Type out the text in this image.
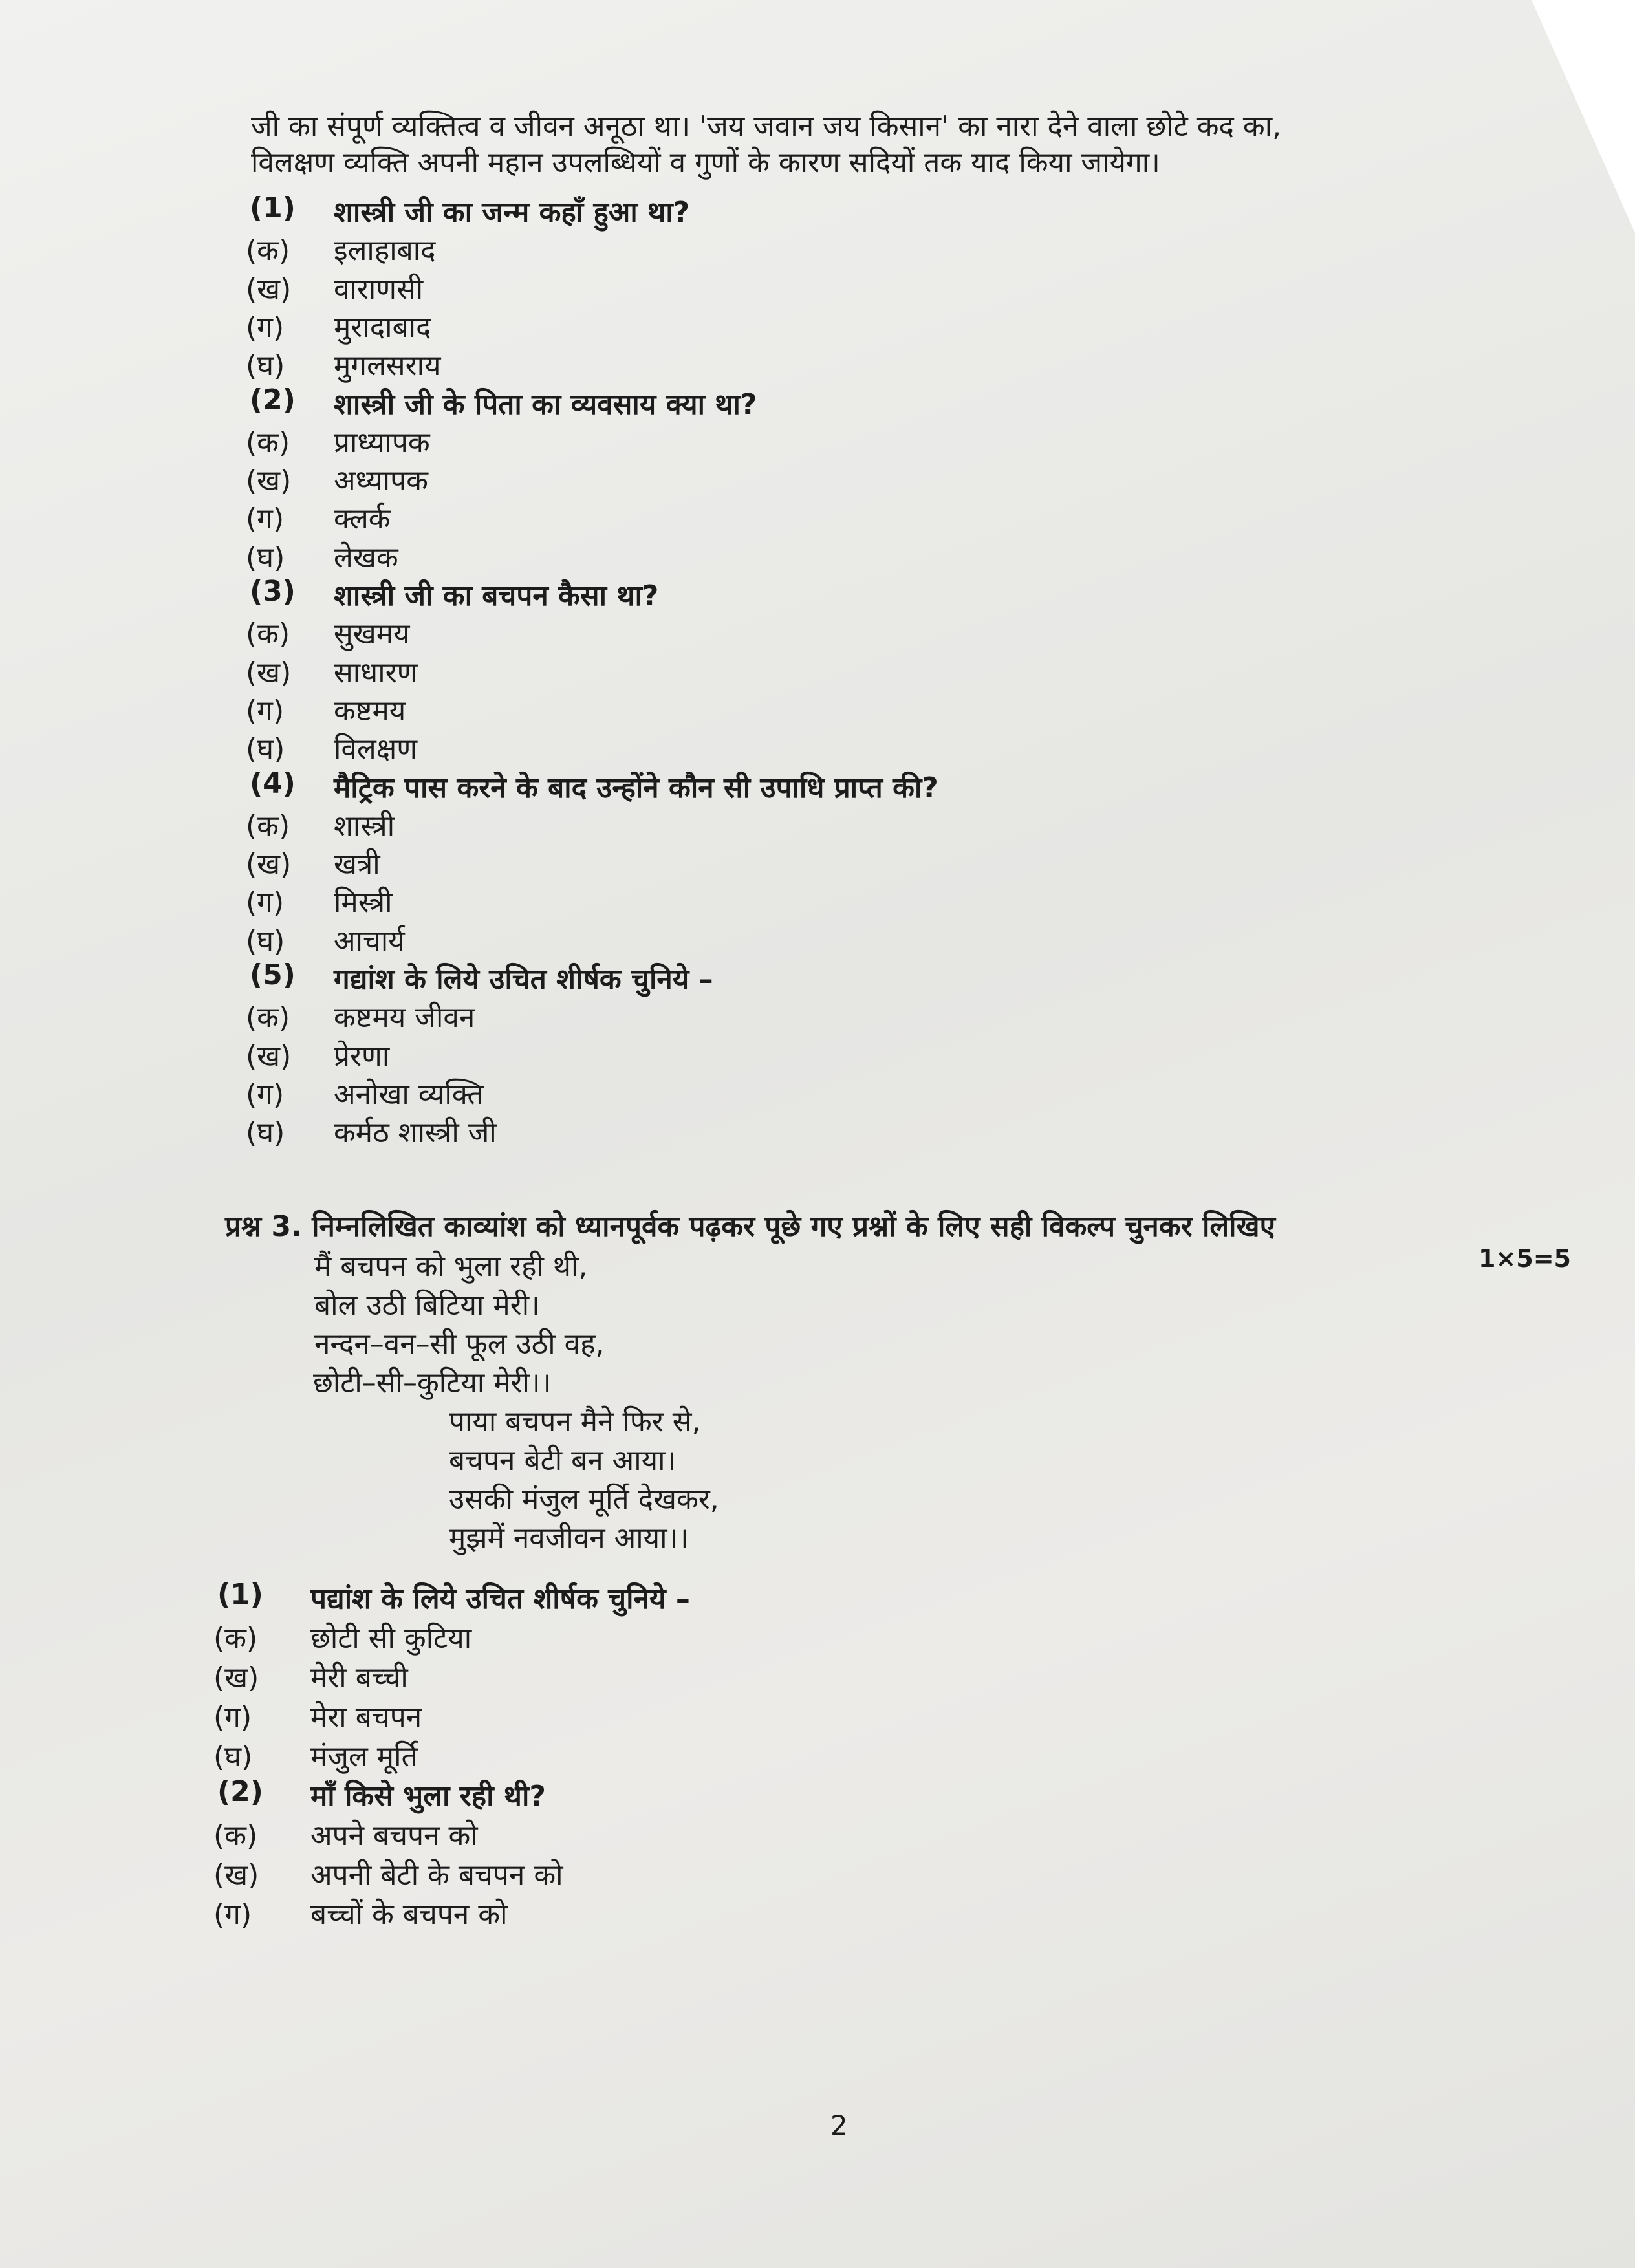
जी का संपूर्ण व्यक्तित्व व जीवन अनूठा था। 'जय जवान जय किसान' का नारा देने वाला छोटे कद का,
विलक्षण व्यक्ति अपनी महान उपलब्धियों व गुणों के कारण सदियों तक याद किया जायेगा।
(1) शास्त्री जी का जन्म कहाँ हुआ था?
(क) इलाहाबाद
(ख) वाराणसी
(ग) मुरादाबाद
(घ) मुगलसराय
(2) शास्त्री जी के पिता का व्यवसाय क्या था?
(क) प्राध्यापक
(ख) अध्यापक
(ग) क्लर्क
(घ) लेखक
(3) शास्त्री जी का बचपन कैसा था?
(क) सुखमय
(ख) साधारण
(ग) कष्टमय
(घ) विलक्षण
(4) मैट्रिक पास करने के बाद उन्होंने कौन सी उपाधि प्राप्त की?
(क) शास्त्री
(ख) खत्री
(ग) मिस्त्री
(घ) आचार्य
(5) गद्यांश के लिये उचित शीर्षक चुनिये –
(क) कष्टमय जीवन
(ख) प्रेरणा
(ग) अनोखा व्यक्ति
(घ) कर्मठ शास्त्री जी
प्रश्न 3. निम्नलिखित काव्यांश को ध्यानपूर्वक पढ़कर पूछे गए प्रश्नों के लिए सही विकल्प चुनकर लिखिए
1×5=5
मैं बचपन को भुला रही थी,
बोल उठी बिटिया मेरी।
नन्दन–वन–सी फूल उठी वह,
छोटी–सी–कुटिया मेरी।।
पाया बचपन मैने फिर से,
बचपन बेटी बन आया।
उसकी मंजुल मूर्ति देखकर,
मुझमें नवजीवन आया।।
(1) पद्यांश के लिये उचित शीर्षक चुनिये –
(क) छोटी सी कुटिया
(ख) मेरी बच्ची
(ग) मेरा बचपन
(घ) मंजुल मूर्ति
(2) माँ किसे भुला रही थी?
(क) अपने बचपन को
(ख) अपनी बेटी के बचपन को
(ग) बच्चों के बचपन को
2
